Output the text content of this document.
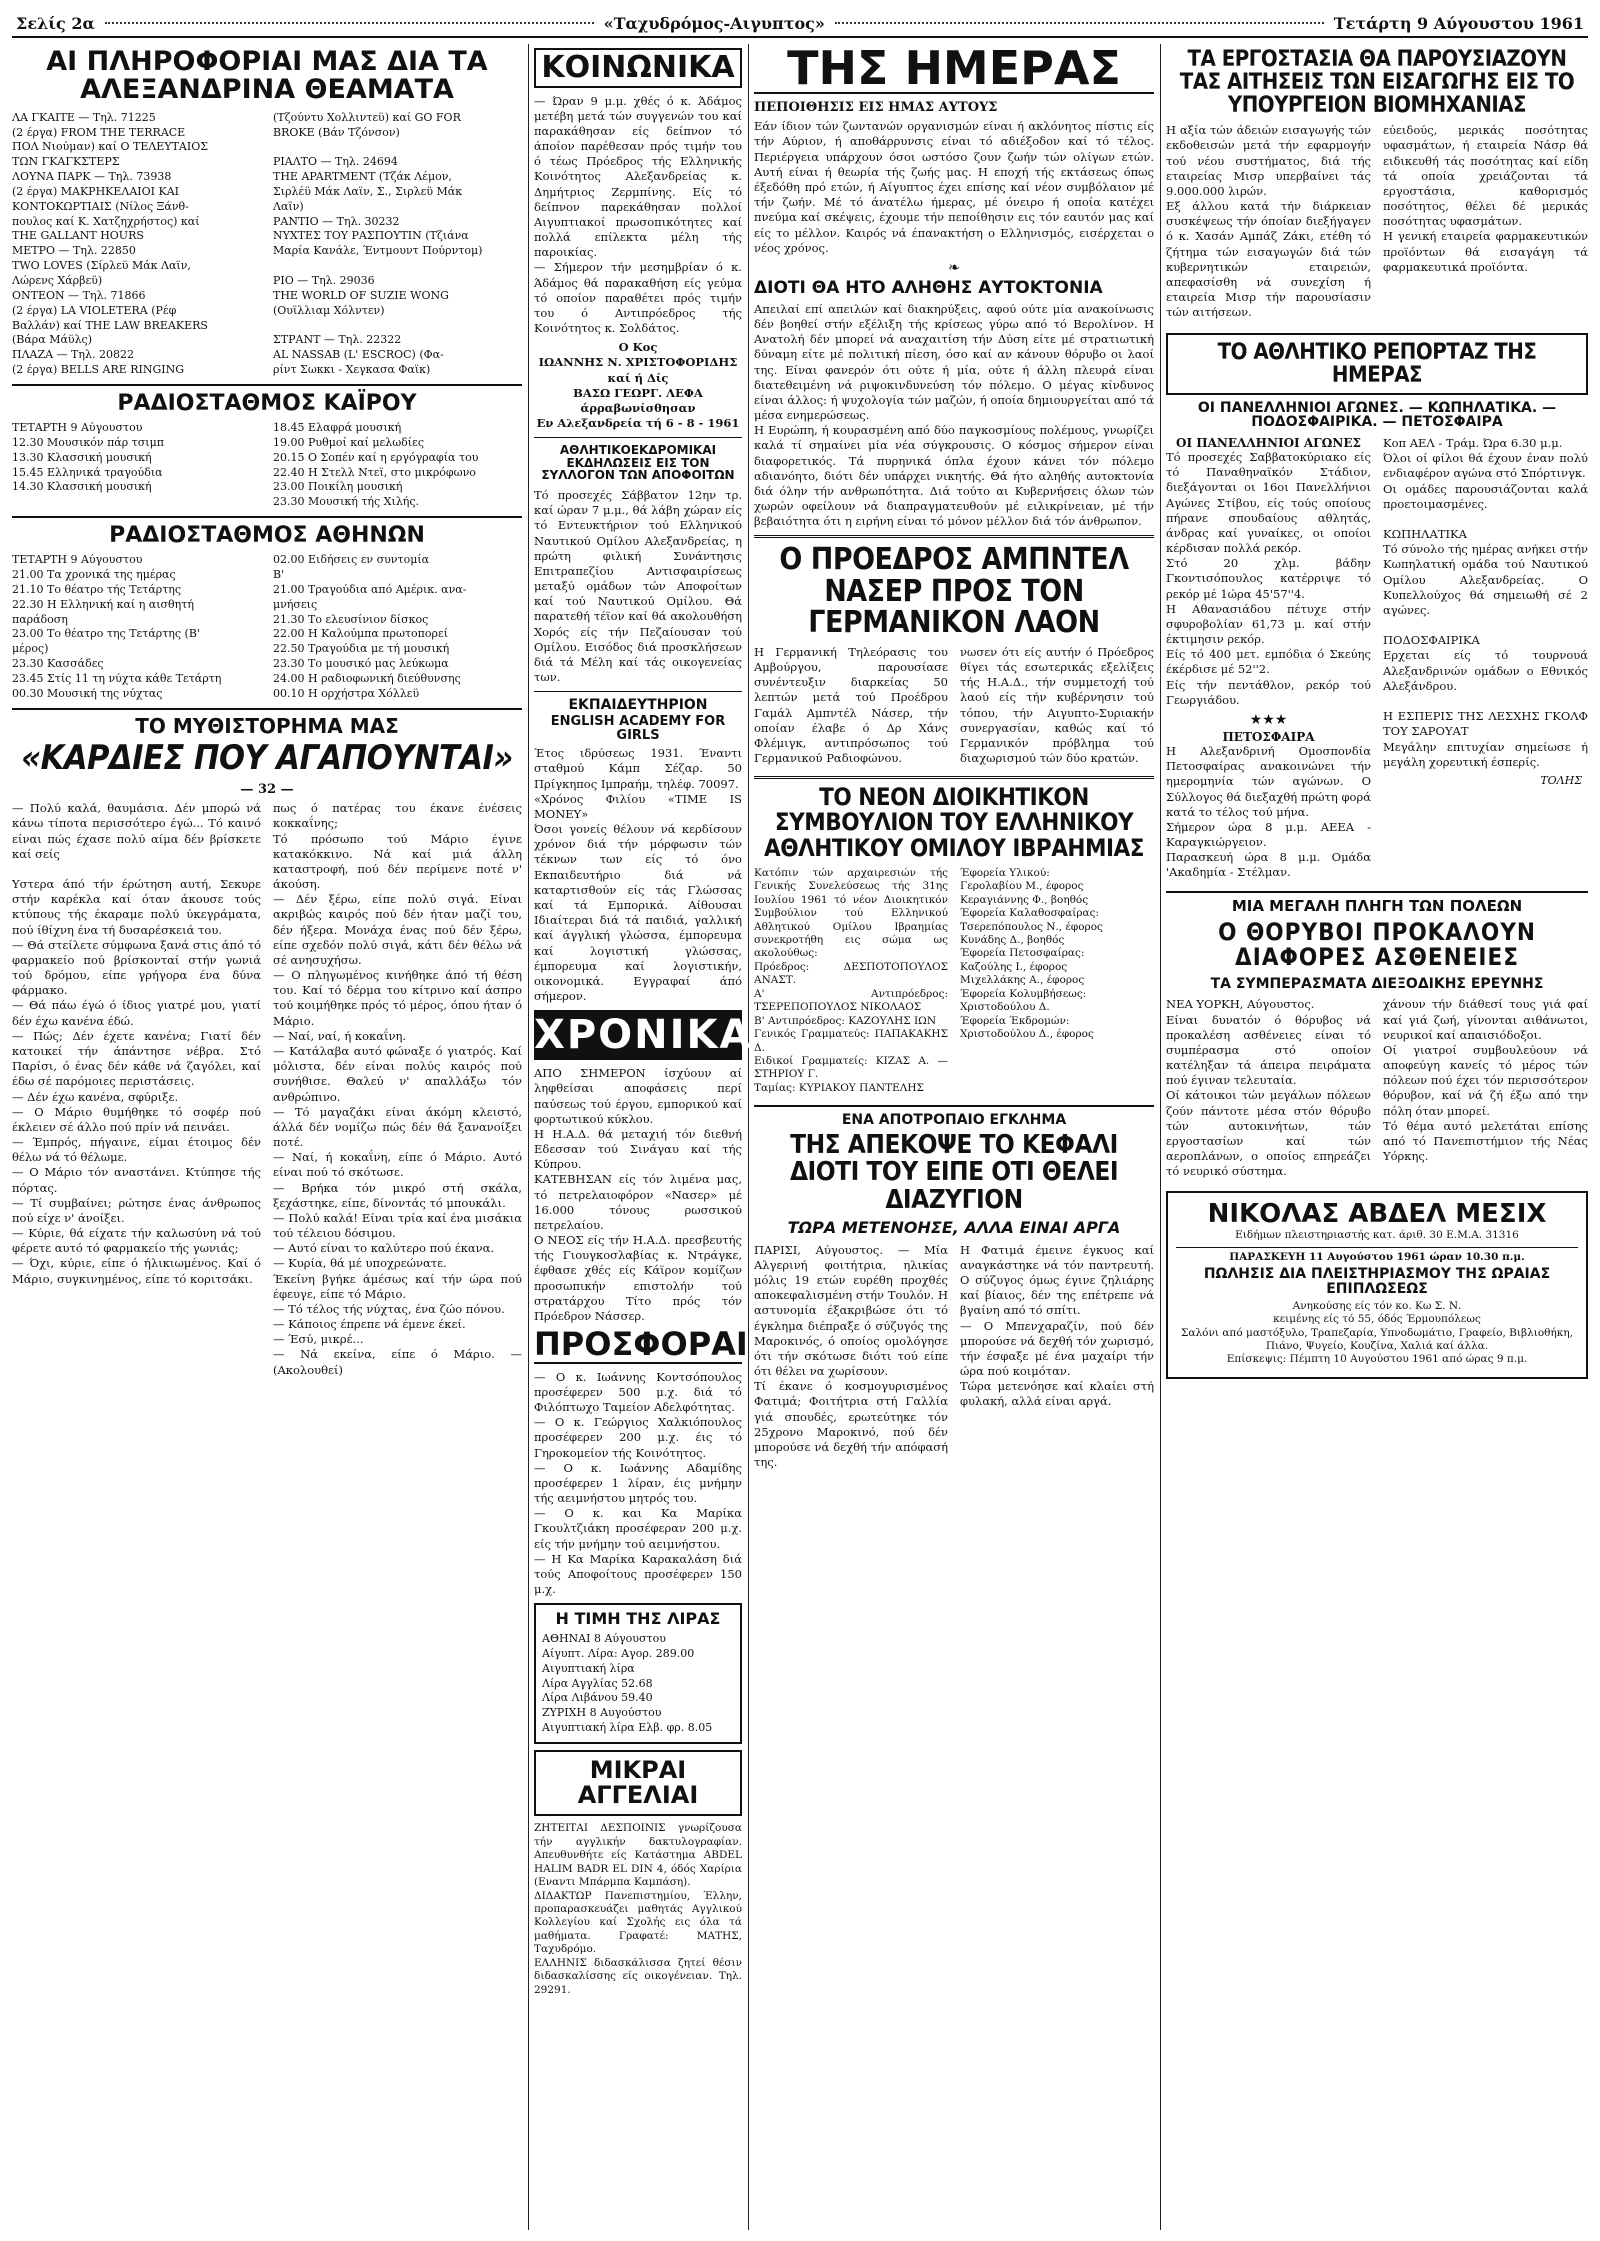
Σελίς 2α	«Ταχυδρόμος-Αιγυπτος»	Τετάρτη 9 Αύγουστου 1961
ΑΙ ΠΛΗΡΟΦΟΡΙΑΙ ΜΑΣ ΔΙΑ ΤΑ ΑΛΕΞΑΝΔΡΙΝΑ ΘΕΑΜΑΤΑ
ΛΑ ΓΚΑΙΤΕ — Τηλ. 71225
(2 έργα) FROM THE TERRACE
ΠΟΛ Νιούμαν) καί Ο ΤΕΛΕΥΤΑΙΟΣ
ΤΩΝ ΓΚΑΓΚΣΤΕΡΣ
ΛΟΥΝΑ ΠΑΡΚ — Τηλ. 73938
(2 έργα) ΜΑΚΡΗΚΕΛΑΙΟΙ ΚΑΙ
ΚΟΝΤΟΚΩΡΤΙΑΙΣ (Νίλος Ξάνθ-
πουλος καί Κ. Χατζηχρήστος) καί
THE GALLANT HOURS
ΜΕΤΡΟ — Τηλ. 22850
TWO LOVES (Σίρλεϋ Μάκ Λαϊν,
Λώρενς Χάρβεϋ)
ΟΝΤΕΟΝ — Τηλ. 71866
(2 έργα) LA VIOLETERA (Ρέφ
Βαλλάν) καί THE LAW BREAKERS
(Βάρα Μάϋλς)
ΠΛΑΖΑ — Τηλ. 20822
(2 έργα) BELLS ARE RINGING
(Τζούντυ Χολλιντεϋ) καί GO FOR
BROKE (Βάν Τζόνσον)

ΡΙΑΛΤΟ — Τηλ. 24694
THE APARTMENT (Τζάκ Λέμον,
Σιρλέϋ Μάκ Λαϊν, Σ., Σιρλεϋ Μάκ
Λαϊν)
ΡΑΝΤΙΟ — Τηλ. 30232
ΝΥΧΤΕΣ ΤΟΥ ΡΑΣΠΟΥΤΙΝ (Τζιάνα
Μαρία Κανάλε, Έντμουντ Πούρντομ)

ΡΙΟ — Τηλ. 29036
THE WORLD OF SUZIE WONG
(Ουϊλλιαμ Χόλντεν)

ΣΤΡΑΝΤ — Τηλ. 22322
AL NASSAB (L' ESCROC) (Φα-
ρίντ Σωκκι - Χεγκασα Φαϊκ)
ΡΑΔΙΟΣΤΑΘΜΟΣ ΚΑΪΡΟΥ
ΤΕΤΑΡΤΗ 9 Αύγουστου
12.30 Μουσικόν πάρ τσιμπ
13.30 Κλασσική μουσική
15.45 Ελληνικά τραγούδια
14.30 Κλασσική μουσική
18.45 Ελαφρά μουσική
19.00 Ρυθμοί καί μελωδίες
20.15 Ο Σοπέν καί η εργόγραφία του
22.40 Η Στελλ Ντεϊ, στο μικρόφωνο
23.00 Ποικίλη μουσική
23.30 Μουσική τής Χιλής.
ΡΑΔΙΟΣΤΑΘΜΟΣ ΑΘΗΝΩΝ
ΤΕΤΑΡΤΗ 9 Αύγουστου
21.00 Τα χρονικά της ημέρας
21.10 Το θέατρο τής Τετάρτης
22.30 Η Ελληνική καί η αισθητή
παράδοση
23.00 Το θέατρο της Τετάρτης (Β'
μέρος)
23.30 Κασσάδες
23.45 Στίς 11 τη νύχτα κάθε Τετάρτη
00.30 Μουσική της νύχτας
02.00 Ειδήσεις εν συντομία
Β'
21.00 Τραγούδια από Αμέρικ. ανα-
μνήσεις
21.30 Το ελευσίνιον δίσκος
22.00 Η Καλούμπα πρωτοπορεί
22.50 Τραγούδια με τή μουσική
23.30 Το μουσικό μας λεύκωμα
24.00 Η ραδιοφωνική διεύθυνσης
00.10 Η ορχήστρα Χόλλεϋ
ΤΟ ΜΥΘΙΣΤΟΡΗΜΑ ΜΑΣ
«ΚΑΡΔΙΕΣ ΠΟΥ ΑΓΑΠΟΥΝΤΑΙ»
— 32 —
— Πολύ καλά, θαυμάσια. Δέν μπορώ νά κάνω τίποτα περισσότερο έγώ... Τό καινό είναι πώς έχασε πολύ αίμα δέν βρίσκετε καί σείς

Υστερα άπό τήν έρώτηση αυτή, Σεκυρε στήν καρέκλα καί όταν άκουσε τούς κτύπους τής έκαραμε πολύ ύκεγράματα, πού ίθίχνη ένα τή δυσαρέσκειά του.
— Θά στείλετε σύμφωνα ξανά στις άπό τό φαρμακείο πού βρίσκονταί στήν γωνιά τού δρόμου, είπε γρήγορα ένα δύνα φάρμακο.
— Θά πάω έγώ ό ίδιος γιατρέ μου, γιατί δέν έχω κανένα έδώ.
— Πώς; Δέν έχετε κανένα; Γιατί δέν κατοικεί τήν άπάντησε νέβρα. Στό Παρίσι, ό ένας δέν κάθε νά ζαγόλει, καί έδω σέ παρόμοιες περιστάσεις.
— Δέν έχω κανένα, σφύριξε.
— Ο Μάριο θυμήθηκε τό σοφέρ πού έκλειεν σέ άλλο πού πρίν νά πεινάει.
— Έμπρός, πήγαινε, είμαι έτοιμος δέν θέλω νά τό θέλωμε.
— Ο Μάριο τόν αναστάνει. Κτύπησε τής πόρτας.
— Τί συμβαίνει; ρώτησε ένας άνθρωπος πού είχε ν' άνοίξει.
— Κύριε, θά είχατε τήν καλωσύνη νά τού φέρετε αυτό τό φαρμακείο τής γωνιάς;
— Όχι, κύριε, είπε ό ήλικιωμένος. Καί ό Μάριο, συγκινημένος, είπε τό κοριτσάκι.
πως ό πατέρας του έκανε ένέσεις κοκκαΐνης;
Τό πρόσωπο τού Μάριο έγινε κατακόκκινο. Νά καί μιά άλλη καταστροφή, πού δέν περίμενε ποτέ ν' άκούση.
— Δέν ξέρω, είπε πολύ σιγά. Είναι ακριβώς καιρός πού δέν ήταν μαζί του, δέν ήξερα. Μονάχα ένας πού δέν ξέρω, είπε σχεδόν πολύ σιγά, κάτι δέν θέλω νά σέ ανησυχήσω.
— Ο πληγωμένος κινήθηκε άπό τή θέση του. Καί τό δέρμα του κίτρινο καί άσπρο τού κοιμήθηκε πρός τό μέρος, όπου ήταν ό Μάριο.
— Ναί, ναί, ή κοκαΐνη.
— Κατάλαβα αυτό φώναξε ό γιατρός. Καί μόλιστα, δέν είναι πολύς καιρός πού συνήθισε. Θαλεύ ν' απαλλάξω τόν ανθρώπινο.
— Τό μαγαζάκι είναι άκόμη κλειστό, άλλά δέν νομίζω πώς δέν θά ξανανοίξει ποτέ.
— Ναί, ή κοκαΐνη, είπε ό Μάριο. Αυτό είναι πού τό σκότωσε.
— Βρήκα τόν μικρό στή σκάλα, ξεχάστηκε, είπε, δίνοντάς τό μπουκάλι.
— Πολύ καλά! Είναι τρία καί ένα μισάκια τού τέλειου δόσιμου.
— Αυτό είναι το καλύτερο πού έκανα.
— Κυρία, θά μέ υποχρεώνατε.
Έκείνη βγήκε άμέσως καί τήν ώρα πού έφευγε, είπε τό Μάριο.
— Τό τέλος τής νύχτας, ένα ζώο πόνου.
— Κάποιος έπρεπε νά έμενε έκεί.
— Έσύ, μικρέ...
— Νά εκείνα, είπε ό Μάριο. — (Ακολουθεί)
ΚΟΙΝΩΝΙΚΑ
— Ώραν 9 μ.μ. χθές ό κ. Άδάμος μετέβη μετά τών συγγενών του καί παρακάθησαν είς δείπνον τό άποίον παρέθεσαν πρός τιμήν του ό τέως Πρόεδρος τής Ελληνικής Κοινότητος Αλεξανδρείας κ. Δημήτριος Ζερμπίνης. Είς τό δείπνον παρεκάθησαν πολλοί Αιγυπτιακοί πρωσοπικότητες καί πολλά επίλεκτα μέλη τής παροικίας.
— Σήμερον τήν μεσημβρίαν ό κ. Άδάμος θά παρακαθήση είς γεύμα τό οποίον παραθέτει πρός τιμήν του ό Αντιπρόεδρος τής Κοινότητος κ. Σολδάτος.
Ο Κος
ΙΩΑΝΝΗΣ Ν. ΧΡΙΣΤΟΦΟΡΙΔΗΣ
καί ή Δίς
ΒΑΣΩ ΓΕΩΡΓ. ΛΕΦΑ
άρραβωνίσθησαν
Εν Αλεξανδρεία τή 6 - 8 - 1961
ΑΘΛΗΤΙΚΟΕΚΔΡΟΜΙΚΑΙ ΕΚΔΗΛΩΣΕΙΣ ΕΙΣ ΤΟΝ ΣΥΛΛΟΓΟΝ ΤΩΝ ΑΠΟΦΟΙΤΩΝ
Τό προσεχές Σάββατον 12ην τρ. καί ώραν 7 μ.μ., θά λάβη χώραν είς τό Εντευκτήριον τού Ελληνικού Ναυτικού Ομίλου Αλεξανδρείας, η πρώτη φιλική Συνάντησις Επιτραπεζίου Αντισφαιρίσεως μεταξύ ομάδων τών Αποφοίτων καί τού Ναυτικού Ομίλου. Θά παρατεθή τέϊον καί θά ακολουθήση Χορός είς τήν Πεζαίουσαν τού Ομίλου. Εισόδος διά προσκλήσεων διά τά Μέλη καί τάς οικογενείας των.
ΕΚΠΑΙΔΕΥΤΗΡΙΟΝ
ENGLISH ACADEMY FOR GIRLS
Έτος ιδρύσεως 1931. Έναντι σταθμού Κάμπ Σέζαρ. 50 Πρίγκηπος Ιμπραήμ, τηλέφ. 70097.
«Χρόνος Φιλίου «TIME IS MONEY»
Όσοι γονείς θέλουν νά κερδίσουν χρόνον διά τήν μόρφωσιν τών τέκνων των είς τό όνο Εκπαιδευτήριο διά νά καταρτισθούν είς τάς Γλώσσας καί τά Εμπορικά. Αίθουσαι Ιδιαίτεραι διά τά παιδιά, γαλλική καί άγγλική γλώσσα, έμπορευμα καί λογιστική γλώσσας, έμπορευμα καί λογιστικήν, οικονομικά. Εγγραφαί άπό σήμερον.
ΧΡΟΝΙΚΑ
ΑΠΟ ΣΗΜΕΡΟΝ ίσχύουν αί ληφθείσαι αποφάσεις περί παύσεως τού έργου, εμπορικού καί φορτωτικού κύκλου.
Η Η.Α.Δ. θά μεταχιή τόν διεθνή Εδεσσαν τού Σινάγαυ καί τής Κύπρου.
ΚΑΤΕΒΗΣΑΝ είς τόν λιμένα μας, τό πετρελαιοφόρον «Νασερ» μέ 16.000 τόνους ρωσσικού πετρελαίου.
Ο ΝΕΟΣ είς τήν Η.Α.Δ. πρεσβευτής τής Γιουγκοσλαβίας κ. Ντράγκε, έφθασε χθές είς Κάϊρον κομίζων προσωπικήν επιστολήν τού στρατάρχου Τίτο πρός τόν Πρόεδρον Νάσσερ.
ΠΡΟΣΦΟΡΑΙ
— Ο κ. Ιωάννης Κοντσόπουλος προσέφερεν 500 μ.χ. διά τό Φιλόπτωχο Ταμείον Αδελφότητας.
— Ο κ. Γεώργιος Χαλκιόπουλος προσέφερεν 200 μ.χ. έις τό Γηροκομείον τής Κοινότητος.
— Ο κ. Ιωάννης Αδαμίδης προσέφερεν 1 λίραν, έις μνήμην τής αειμνήστου μητρός του.
— Ο κ. και Κα Μαρίκα Γκουλτζιάκη προσέφεραν 200 μ.χ. είς τήν μνήμην τού αειμνήστου.
— Η Κα Μαρίκα Καρακαλάση διά τούς Αποφοίτους προσέφερεν 150 μ.χ.
Η ΤΙΜΗ ΤΗΣ ΛΙΡΑΣ
ΑΘΗΝΑΙ 8 Αύγουστου
Αίγυπτ. Λίρα: Αγορ. 289.00
Αιγυπτιακή λίρα
Λίρα Αγγλίας 52.68
Λίρα Λιβάνου 59.40
ΖΥΡΙΧΗ 8 Αυγούστου
Αιγυπτιακή λίρα Ελβ. φρ. 8.05
ΜΙΚΡΑΙ ΑΓΓΕΛΙΑΙ
ΖΗΤΕΙΤΑΙ ΔΕΣΠΟΙΝΙΣ γνωρίζουσα τήν αγγλικήν δακτυλογραφίαν. Απευθυνθήτε είς Κατάστημα ABDEL HALIM BADR EL DIN 4, όδός Χαρίρια (Εναντι Μπάρμπα Καμπάση).
ΔΙΔΑΚΤΩΡ Πανεπιστημίου, Έλλην, προπαρασκευάζει μαθητάς Αγγλικού Κολλεγίου καί Σχολής εις όλα τά μαθήματα. Γραφατέ: ΜΑΤΗΣ, Ταχυδρόμο.
ΕΛΛΗΝΙΣ διδασκάλισσα ζητεί θέσιν διδασκαλίσσης είς οικογένειαν. Τηλ. 29291.
ΤΗΣ ΗΜΕΡΑΣ
ΠΕΠΟΙΘΗΣΙΣ ΕΙΣ ΗΜΑΣ ΑΥΤΟΥΣ
Εάν ίδιον τών ζωντανών οργανισμών είναι ή ακλόνητος πίστις είς τήν Αύριον, ή αποθάρρυνσις είναι τό αδιέξοδον καί τό τέλος. Περιέργεια υπάρχουν όσοι ωστόσο ζουν ζωήν τών ολίγων ετών. Αυτή είναι ή θεωρία τής ζωής μας. Η εποχή τής εκτάσεως όπως έξεδόθη πρό ετών, ή Αίγυπτος έχει επίσης καί νέον συμβόλαιον μέ τήν ζωήν. Μέ τό άνατέλω ήμερας, μέ όνειρο ή οποία κατέχει πνεύμα καί σκέψεις, έχουμε τήν πεποίθησιν εις τόν εαυτόν μας καί είς το μέλλον. Καιρός νά έπανακτήση ο Ελληνισμός, εισέρχεται ο νέος χρόνος.
❧
ΔΙΟΤΙ ΘΑ ΗΤΟ ΑΛΗΘΗΣ ΑΥΤΟΚΤΟΝΙΑ
Απειλαί επί απειλών καί διακηρύξεις, αφού ούτε μία ανακοίνωσις δέν βοηθεί στήν εξέλιξη τής κρίσεως γύρω από τό Βερολίνον. Η Ανατολή δέν μπορεί νά αναχαιτίση τήν Δύση είτε μέ στρατιωτική δύναμη είτε μέ πολιτική πίεση, όσο καί αν κάνουν θόρυβο οι λαοί της. Είναι φανερόν ότι ούτε ή μία, ούτε ή άλλη πλευρά είναι διατεθειμένη νά ριψοκινδυνεύση τόν πόλεμο. Ο μέγας κίνδυνος είναι άλλος: ή ψυχολογία τών μαζών, ή οποία δημιουργείται από τά μέσα ενημερώσεως.
Η Ευρώπη, ή κουρασμένη από δύο παγκοσμίους πολέμους, γνωρίζει καλά τί σημαίνει μία νέα σύγκρουσις. Ο κόσμος σήμερον είναι διαφορετικός. Τά πυρηνικά όπλα έχουν κάνει τόν πόλεμο αδιανόητο, διότι δέν υπάρχει νικητής. Θά ήτο αληθής αυτοκτονία διά όλην τήν ανθρωπότητα. Διά τούτο αι Κυβερνήσεις όλων τών χωρών οφείλουν νά διαπραγματευθούν μέ ειλικρίνειαν, μέ τήν βεβαιότητα ότι η ειρήνη είναι τό μόνον μέλλον διά τόν άνθρωπον.
Ο ΠΡΟΕΔΡΟΣ ΑΜΠΝΤΕΛ ΝΑΣΕΡ ΠΡΟΣ ΤΟΝ ΓΕΡΜΑΝΙΚΟΝ ΛΑΟΝ
Η Γερμανική Τηλεόρασις του Αμβούργου, παρουσίασε συνέντευξιν διαρκείας 50 λεπτών μετά τού Προέδρου Γαμάλ Αμπντέλ Νάσερ, τήν οποίαν έλαβε ό Δρ Χάνς Φλέμιγκ, αντιπρόσωπος τού Γερμανικού Ραδιοφώνου.
νωσεν ότι είς αυτήν ό Πρόεδρος θίγει τάς εσωτερικάς εξελίξεις τής Η.Α.Δ., τήν συμμετοχή τού λαού είς τήν κυβέρνησιν τού τόπου, τήν Αιγυπτο-Συριακήν συνεργασίαν, καθώς καί τό Γερμανικόν πρόβλημα τού διαχωρισμού τών δύο κρατών.
ΤΟ ΝΕΟΝ ΔΙΟΙΚΗΤΙΚΟΝ ΣΥΜΒΟΥΛΙΟΝ ΤΟΥ ΕΛΛΗΝΙΚΟΥ ΑΘΛΗΤΙΚΟΥ ΟΜΙΛΟΥ ΙΒΡΑΗΜΙΑΣ
Κατόπιν τών αρχαιρεσιών τής Γενικής Συνελεύσεως τής 31ης Ιουλίου 1961 τό νέον Διοικητικόν Συμβούλιον τού Ελληνικού Αθλητικού Ομίλου Ιβραημίας συνεκροτήθη εις σώμα ως ακολούθως:
Πρόεδρος: ΔΕΣΠΟΤΟΠΟΥΛΟΣ ΑΝΑΣΤ.
Α' Αντιπρόεδρος: ΤΣΕΡΕΠΟΠΟΥΛΟΣ ΝΙΚΟΛΑΟΣ
Β' Αντιπρόεδρος: ΚΑΖΟΥΛΗΣ ΙΩΝ
Γενικός Γραμματεύς: ΠΑΠΑΚΑΚΗΣ Δ.
Ειδικοί Γραμματείς: ΚΙΖΑΣ Α. — ΣΤΗΡΙΟΥ Γ.
Ταμίας: ΚΥΡΙΑΚΟΥ ΠΑΝΤΕΛΗΣ
Έφορεία Υλικού:
Γερολαβίου Μ., έφορος
Κεραγιάννης Φ., βοηθός
Έφορεία Καλαθοσφαίρας:
Τσερεπόπουλος Ν., έφορος
Κυνάδης Δ., βοηθός
Έφορεία Πετοσφαίρας:
Καζούλης Ι., έφορος
Μιχελλάκης Α., έφορος
Έφορεία Κολυμβήσεως:
Χριστοδούλου Δ.
Έφορεία Έκδρομών:
Χριστοδούλου Δ., έφορος
ΕΝΑ ΑΠΟΤΡΟΠΑΙΟ ΕΓΚΛΗΜΑ
ΤΗΣ ΑΠΕΚΟΨΕ ΤΟ ΚΕΦΑΛΙ ΔΙΟΤΙ ΤΟΥ ΕΙΠΕ ΟΤΙ ΘΕΛΕΙ ΔΙΑΖΥΓΙΟΝ
ΤΩΡΑ ΜΕΤΕΝΟΗΣΕ, ΑΛΛΑ ΕΙΝΑΙ ΑΡΓΑ
ΠΑΡΙΣΙ, Αύγουστος. — Μία Αλγερινή φοιτήτρια, ηλικίας μόλις 19 ετών ευρέθη προχθές αποκεφαλισμένη στήν Τουλόν. Η αστυνομία έξακριβώσε ότι τό έγκλημα διέπραξε ό σύζυγός της Μαροκινός, ό οποίος ομολόγησε ότι τήν σκότωσε διότι τού είπε ότι θέλει να χωρίσουν.
Τί έκανε ό κοσμογυρισμένος Φατιμά; Φοιτήτρια στή Γαλλία γιά σπουδές, ερωτεύτηκε τόν 25χρονο Μαροκινό, πού δέν μπορούσε νά δεχθή τήν απόφασή της.
Η Φατιμά έμεινε έγκυος καί αναγκάστηκε νά τόν παντρευτή. Ο σύζυγος όμως έγινε ζηλιάρης καί βίαιος, δέν της επέτρεπε νά βγαίνη από τό σπίτι.
— Ο Μπενχαραζίν, πού δέν μπορούσε νά δεχθή τόν χωρισμό, τήν έσφαξε μέ ένα μαχαίρι τήν ώρα πού κοιμόταν.
Τώρα μετενόησε καί κλαίει στή φυλακή, αλλά είναι αργά.
ΤΑ ΕΡΓΟΣΤΑΣΙΑ ΘΑ ΠΑΡΟΥΣΙΑΖΟΥΝ ΤΑΣ ΑΙΤΗΣΕΙΣ ΤΩΝ ΕΙΣΑΓΩΓΗΣ ΕΙΣ ΤΟ ΥΠΟΥΡΓΕΙΟΝ ΒΙΟΜΗΧΑΝΙΑΣ
Η αξία τών άδειών εισαγωγής τών εκδοθεισών μετά τήν εφαρμογήν τού νέου συστήματος, διά τής εταιρείας Μισρ υπερβαίνει τάς 9.000.000 λιρών.
Εξ άλλου κατά τήν διάρκειαν συσκέψεως τήν όποίαν διεξήγαγεν ό κ. Χασάν Αμπάζ Ζάκι, ετέθη τό ζήτημα τών εισαγωγών διά τών κυβερνητικών εταιρειών, απεφασίσθη νά συνεχίση ή εταιρεία Μισρ τήν παρουσίασιν τών αιτήσεων.
εύειδούς, μερικάς ποσότητας υφασμάτων, ή εταιρεία Νάσρ θά ειδικευθή τάς ποσότητας καί είδη τά οποία χρειάζονται τά εργοστάσια, καθορισμός ποσότητος, θέλει δέ μερικάς ποσότητας υφασμάτων.
Η γενική εταιρεία φαρμακευτικών προϊόντων θά εισαγάγη τά φαρμακευτικά προϊόντα.
ΤΟ ΑΘΛΗΤΙΚΟ ΡΕΠΟΡΤΑΖ ΤΗΣ ΗΜΕΡΑΣ
ΟΙ ΠΑΝΕΛΛΗΝΙΟΙ ΑΓΩΝΕΣ. — ΚΩΠΗΛΑΤΙΚΑ. — ΠΟΔΟΣΦΑΙΡΙΚΑ. — ΠΕΤΟΣΦΑΙΡΑ
ΟΙ ΠΑΝΕΛΛΗΝΙΟΙ ΑΓΩΝΕΣ
Τό προσεχές Σαββατοκύριακο είς τό Παναθηναϊκόν Στάδιον, διεξάγονται οι 16οι Πανελλήνιοι Αγώνες Στίβου, είς τούς οποίους πήρανε σπουδαίους αθλητάς, άνδρας καί γυναίκες, οι οποίοι κέρδισαν πολλά ρεκόρ.
Στό 20 χλμ. βάδην Γκοντισόπουλος κατέρριψε τό ρεκόρ μέ 1ώρα 45'57''4.
Η Αθανασιάδου πέτυχε στήν σφυροβολίαν 61,73 μ. καί στήν έκτιμησιν ρεκόρ.
Είς τό 400 μετ. εμπόδια ό Σκεύης έκέρδισε μέ 52''2.
Είς τήν πεντάθλον, ρεκόρ τού Γεωργιάδου.
★★★
ΠΕΤΟΣΦΑΙΡΑ
Η Αλεξανδρινή Ομοσπονδία Πετοσφαίρας ανακοινώνει τήν ημερομηνία τών αγώνων. Ο Σύλλογος θά διεξαχθή πρώτη φορά κατά το τέλος τού μήνα.
Σήμερον ώρα 8 μ.μ. ΑΕΕΑ - Καραγκιώργειον.
Παρασκευή ώρα 8 μ.μ. Ομάδα 'Ακαδημία - Στέλμαν.
Κοπ ΑΕΛ - Τράμ. Ώρα 6.30 μ.μ.
Όλοι οί φίλοι θά έχουν έναν πολύ ενδιαφέρον αγώνα στό Σπόρτινγκ.
Οι ομάδες παρουσιάζονται καλά προετοιμασμένες.

ΚΩΠΗΛΑΤΙΚΑ
Τό σύνολο τής ημέρας ανήκει στήν Κωπηλατική ομάδα τού Ναυτικού Ομίλου Αλεξανδρείας. Ο Κυπελλούχος θά σημειωθή σέ 2 αγώνες.

ΠΟΔΟΣΦΑΙΡΙΚΑ
Ερχεται είς τό τουρνουά Αλεξανδρινών ομάδων ο Εθνικός Αλεξάνδρου.

Η ΕΣΠΕΡΙΣ ΤΗΣ ΛΕΣΧΗΣ ΓΚΟΛΦ ΤΟΥ ΣΑΡΟΥΑΤ
Μεγάλην επιτυχίαν σημείωσε ή μεγάλη χορευτική έσπερίς.
ΤΟΛΗΣ
ΜΙΑ ΜΕΓΑΛΗ ΠΛΗΓΗ ΤΩΝ ΠΟΛΕΩΝ
Ο ΘΟΡΥΒΟΙ ΠΡΟΚΑΛΟΥΝ ΔΙΑΦΟΡΕΣ ΑΣΘΕΝΕΙΕΣ
ΤΑ ΣΥΜΠΕΡΑΣΜΑΤΑ ΔΙΕΞΟΔΙΚΗΣ ΕΡΕΥΝΗΣ
ΝΕΑ ΥΟΡΚΗ, Αύγουστος.
Είναι δυνατόν ό θόρυβος νά προκαλέση ασθένειες είναι τό συμπέρασμα στό οποίον κατέληξαν τά άπειρα πειράματα πού έγιναν τελευταία.
Οί κάτοικοι τών μεγάλων πόλεων ζούν πάντοτε μέσα στόν θόρυβο τών αυτοκινήτων, τών εργοστασίων καί τών αεροπλάνων, ο οποίος επηρεάζει τό νευρικό σύστημα.
χάνουν τήν διάθεσί τους γιά φαί καί γιά ζωή, γίνονται αιθάνωτοι, νευρικοί καί απαισιόδοξοι.
Οί γιατροί συμβουλεύουν νά αποφεύγη κανείς τό μέρος τών πόλεων πού έχει τόν περισσότερον θόρυβον, καί νά ζή έξω από την πόλη όταν μπορεί.
Τό θέμα αυτό μελετάται επίσης από τό Πανεπιστήμιον τής Νέας Υόρκης.
ΝΙΚΟΛΑΣ ΑΒΔΕΛ ΜΕΣΙΧ
Ειδήμων πλειστηριαστής κατ. άριθ. 30 Ε.Μ.Α. 31316
ΠΑΡΑΣΚΕΥΗ 11 Αυγούστου 1961 ώραν 10.30 π.μ.
ΠΩΛΗΣΙΣ ΔΙΑ ΠΛΕΙΣΤΗΡΙΑΣΜΟΥ ΤΗΣ ΩΡΑΙΑΣ ΕΠΙΠΛΩΣΕΩΣ
Ανηκούσης είς τόν κο. Κω Σ. Ν.
κειμένης είς τό 55, όδός Έρμουπόλεως
Σαλόνι από μαστόξυλο, Τραπεζαρία, Υπνοδωμάτιο, Γραφείο, Βιβλιοθήκη, Πιάνο, Ψυγείο, Κουζίνα, Χαλιά καί άλλα.
Επίσκεψις: Πέμπτη 10 Αυγούστου 1961 από ώρας 9 π.μ.
